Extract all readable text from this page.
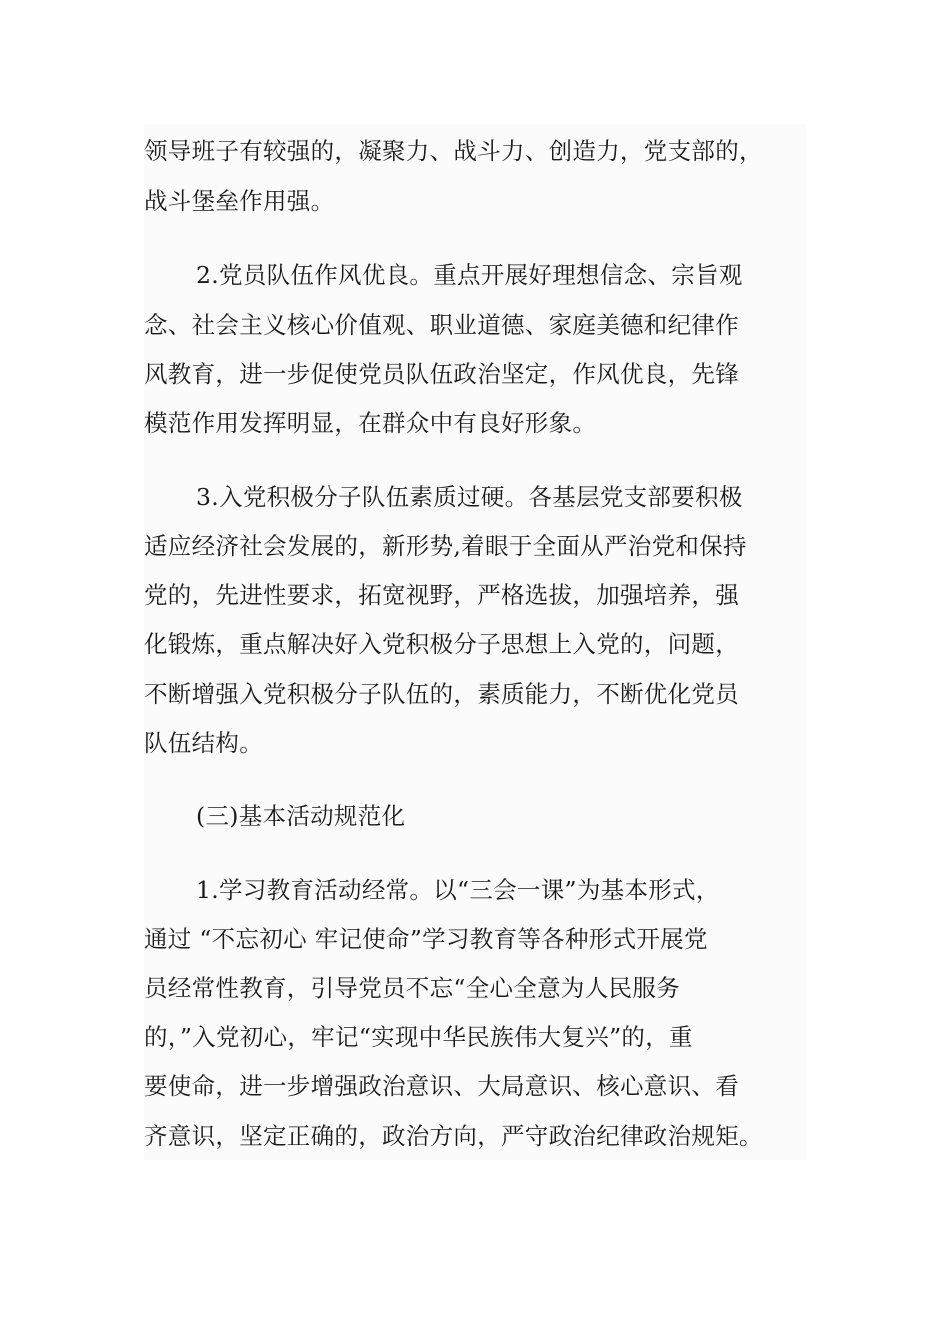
领导班子有较强的，凝聚力、战斗力、创造力，党支部的，
战斗堡垒作用强。
2.党员队伍作风优良。重点开展好理想信念、宗旨观
念、社会主义核心价值观、职业道德、家庭美德和纪律作
风教育，进一步促使党员队伍政治坚定，作风优良，先锋
模范作用发挥明显，在群众中有良好形象。
3.入党积极分子队伍素质过硬。各基层党支部要积极
适应经济社会发展的，新形势,着眼于全面从严治党和保持
党的，先进性要求，拓宽视野，严格选拔，加强培养，强
化锻炼，重点解决好入党积极分子思想上入党的，问题，
不断增强入党积极分子队伍的，素质能力，不断优化党员
队伍结构。
(三)基本活动规范化
1.学习教育活动经常。以“三会一课”为基本形式，
通过 “不忘初心 牢记使命”学习教育等各种形式开展党
员经常性教育，引导党员不忘“全心全意为人民服务
的，”入党初心，牢记“实现中华民族伟大复兴”的，重
要使命，进一步增强政治意识、大局意识、核心意识、看
齐意识，坚定正确的，政治方向，严守政治纪律政治规矩。
